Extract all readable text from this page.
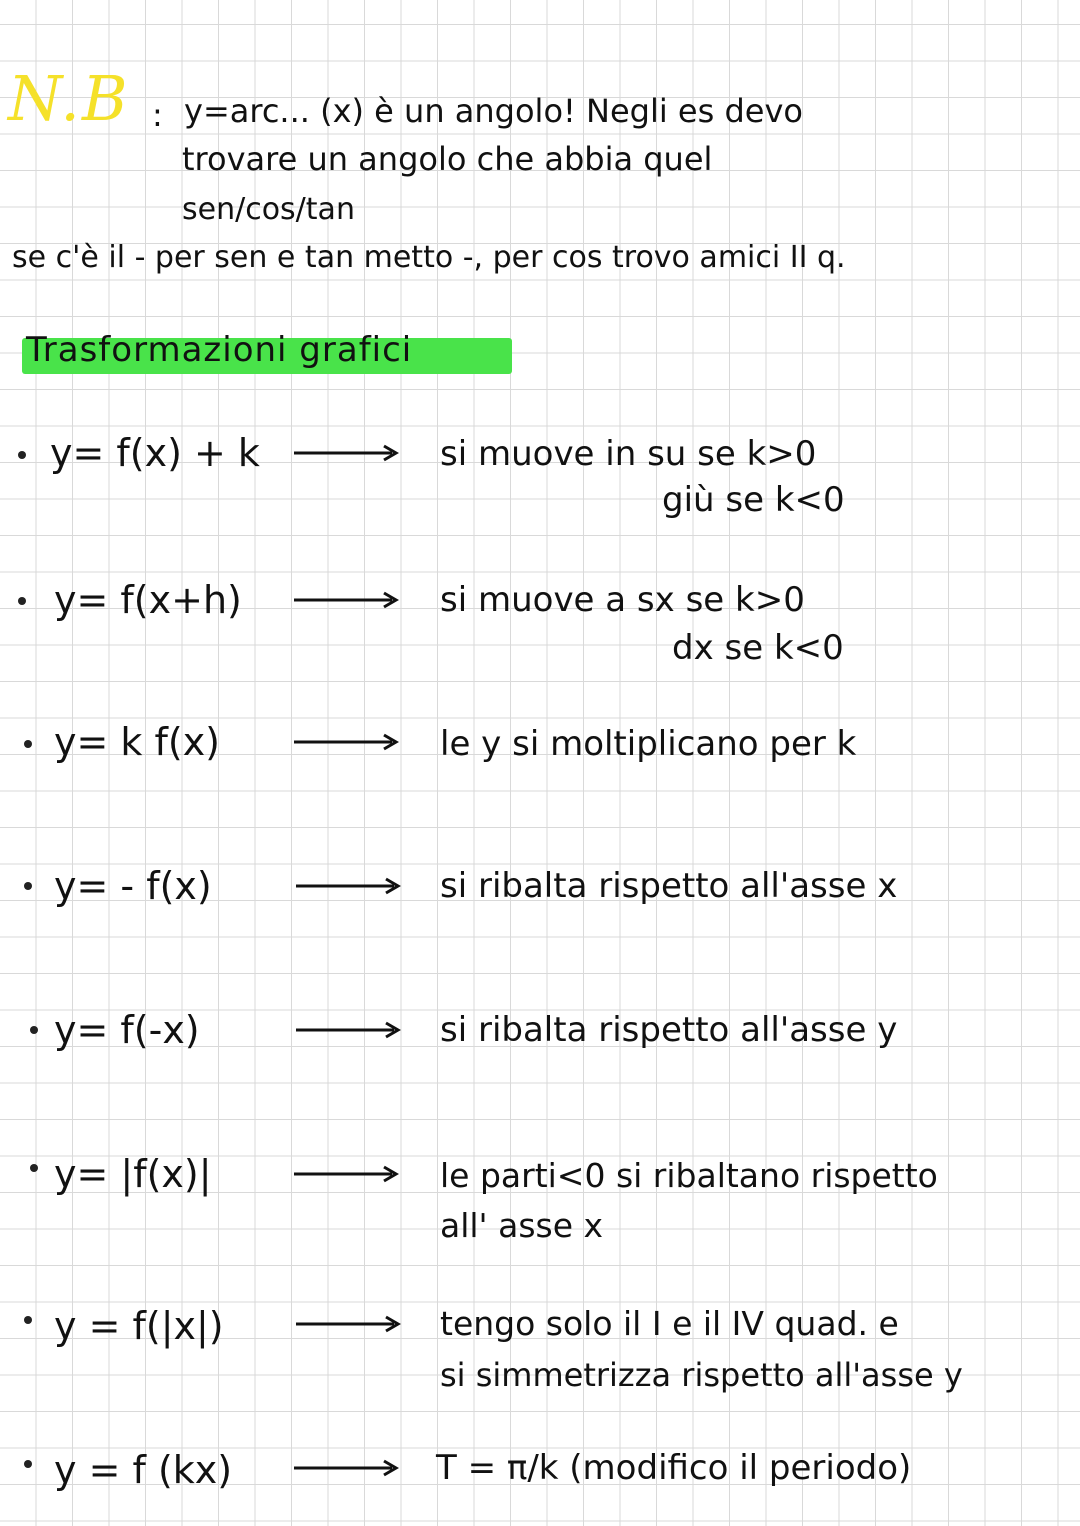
N.B : y=arc... (x) è un angolo! Negli es devo
trovare un angolo che abbia quel
sen/cos/tan
se c'è il - per sen e tan metto -, per cos trovo amici II q.
Trasformazioni grafici
y= f(x) + k	si muove in su se k>0
giù se k<0
y= f(x+h)	si muove a sx se k>0
dx se k<0
y= k f(x)	le y si moltiplicano per k
y= - f(x)	si ribalta rispetto all'asse x
y= f(-x)	si ribalta rispetto all'asse y
y= |f(x)|	le parti<0 si ribaltano rispetto
all' asse x
y = f(|x|)	tengo solo il I e il IV quad. e
si simmetrizza rispetto all'asse y
y = f (kx)	T = π/k (modifico il periodo)
